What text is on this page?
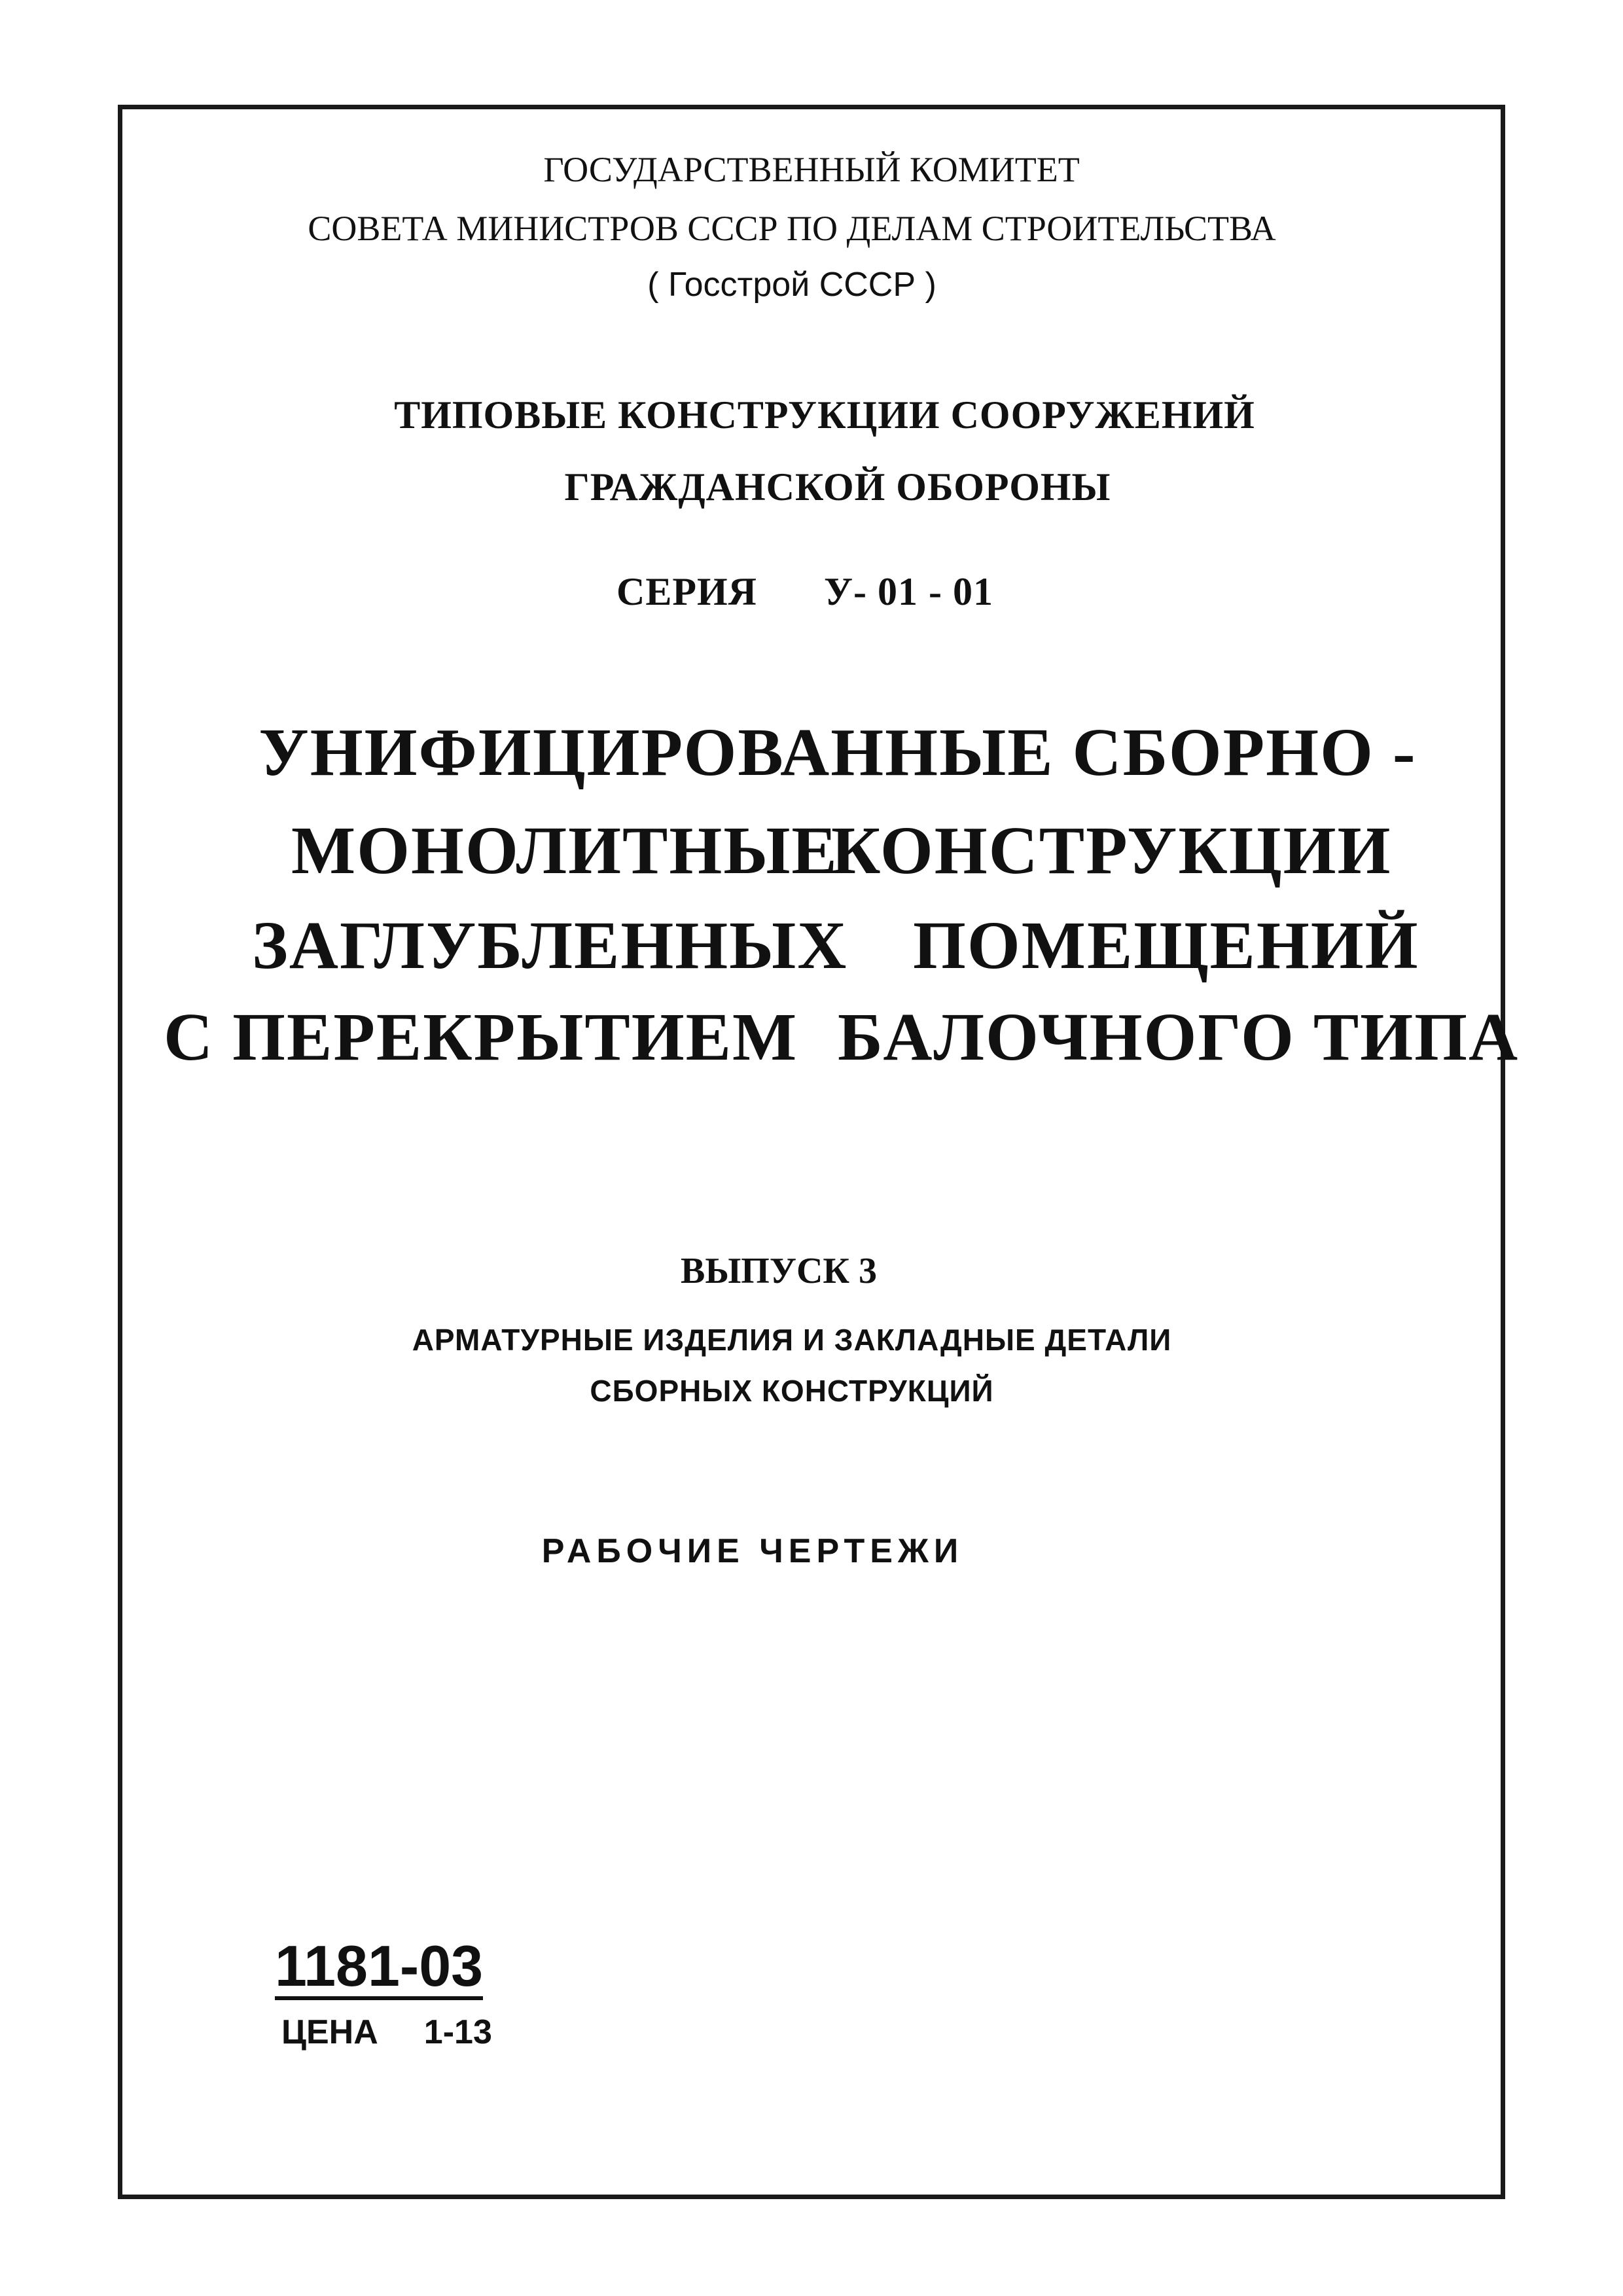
ГОСУДАРСТВЕННЫЙ КОМИТЕТ
СОВЕТА МИНИСТРОВ СССР ПО ДЕЛАМ СТРОИТЕЛЬСТВА
( Госстрой СССР )
ТИПОВЫЕ КОНСТРУКЦИИ СООРУЖЕНИЙ
ГРАЖДАНСКОЙ ОБОРОНЫ
СЕРИЯ У- 01 - 01
УНИФИЦИРОВАННЫЕ СБОРНО -
МОНОЛИТНЫЕ
КОНСТРУКЦИИ
ЗАГЛУБЛЕННЫХ ПОМЕЩЕНИЙ
С ПЕРЕКРЫТИЕМ БАЛОЧНОГО ТИПА
ВЫПУСК 3
АРМАТУРНЫЕ ИЗДЕЛИЯ И ЗАКЛАДНЫЕ ДЕТАЛИ
СБОРНЫХ КОНСТРУКЦИЙ
РАБОЧИЕ ЧЕРТЕЖИ
1181-03
ЦЕНА 1-13
